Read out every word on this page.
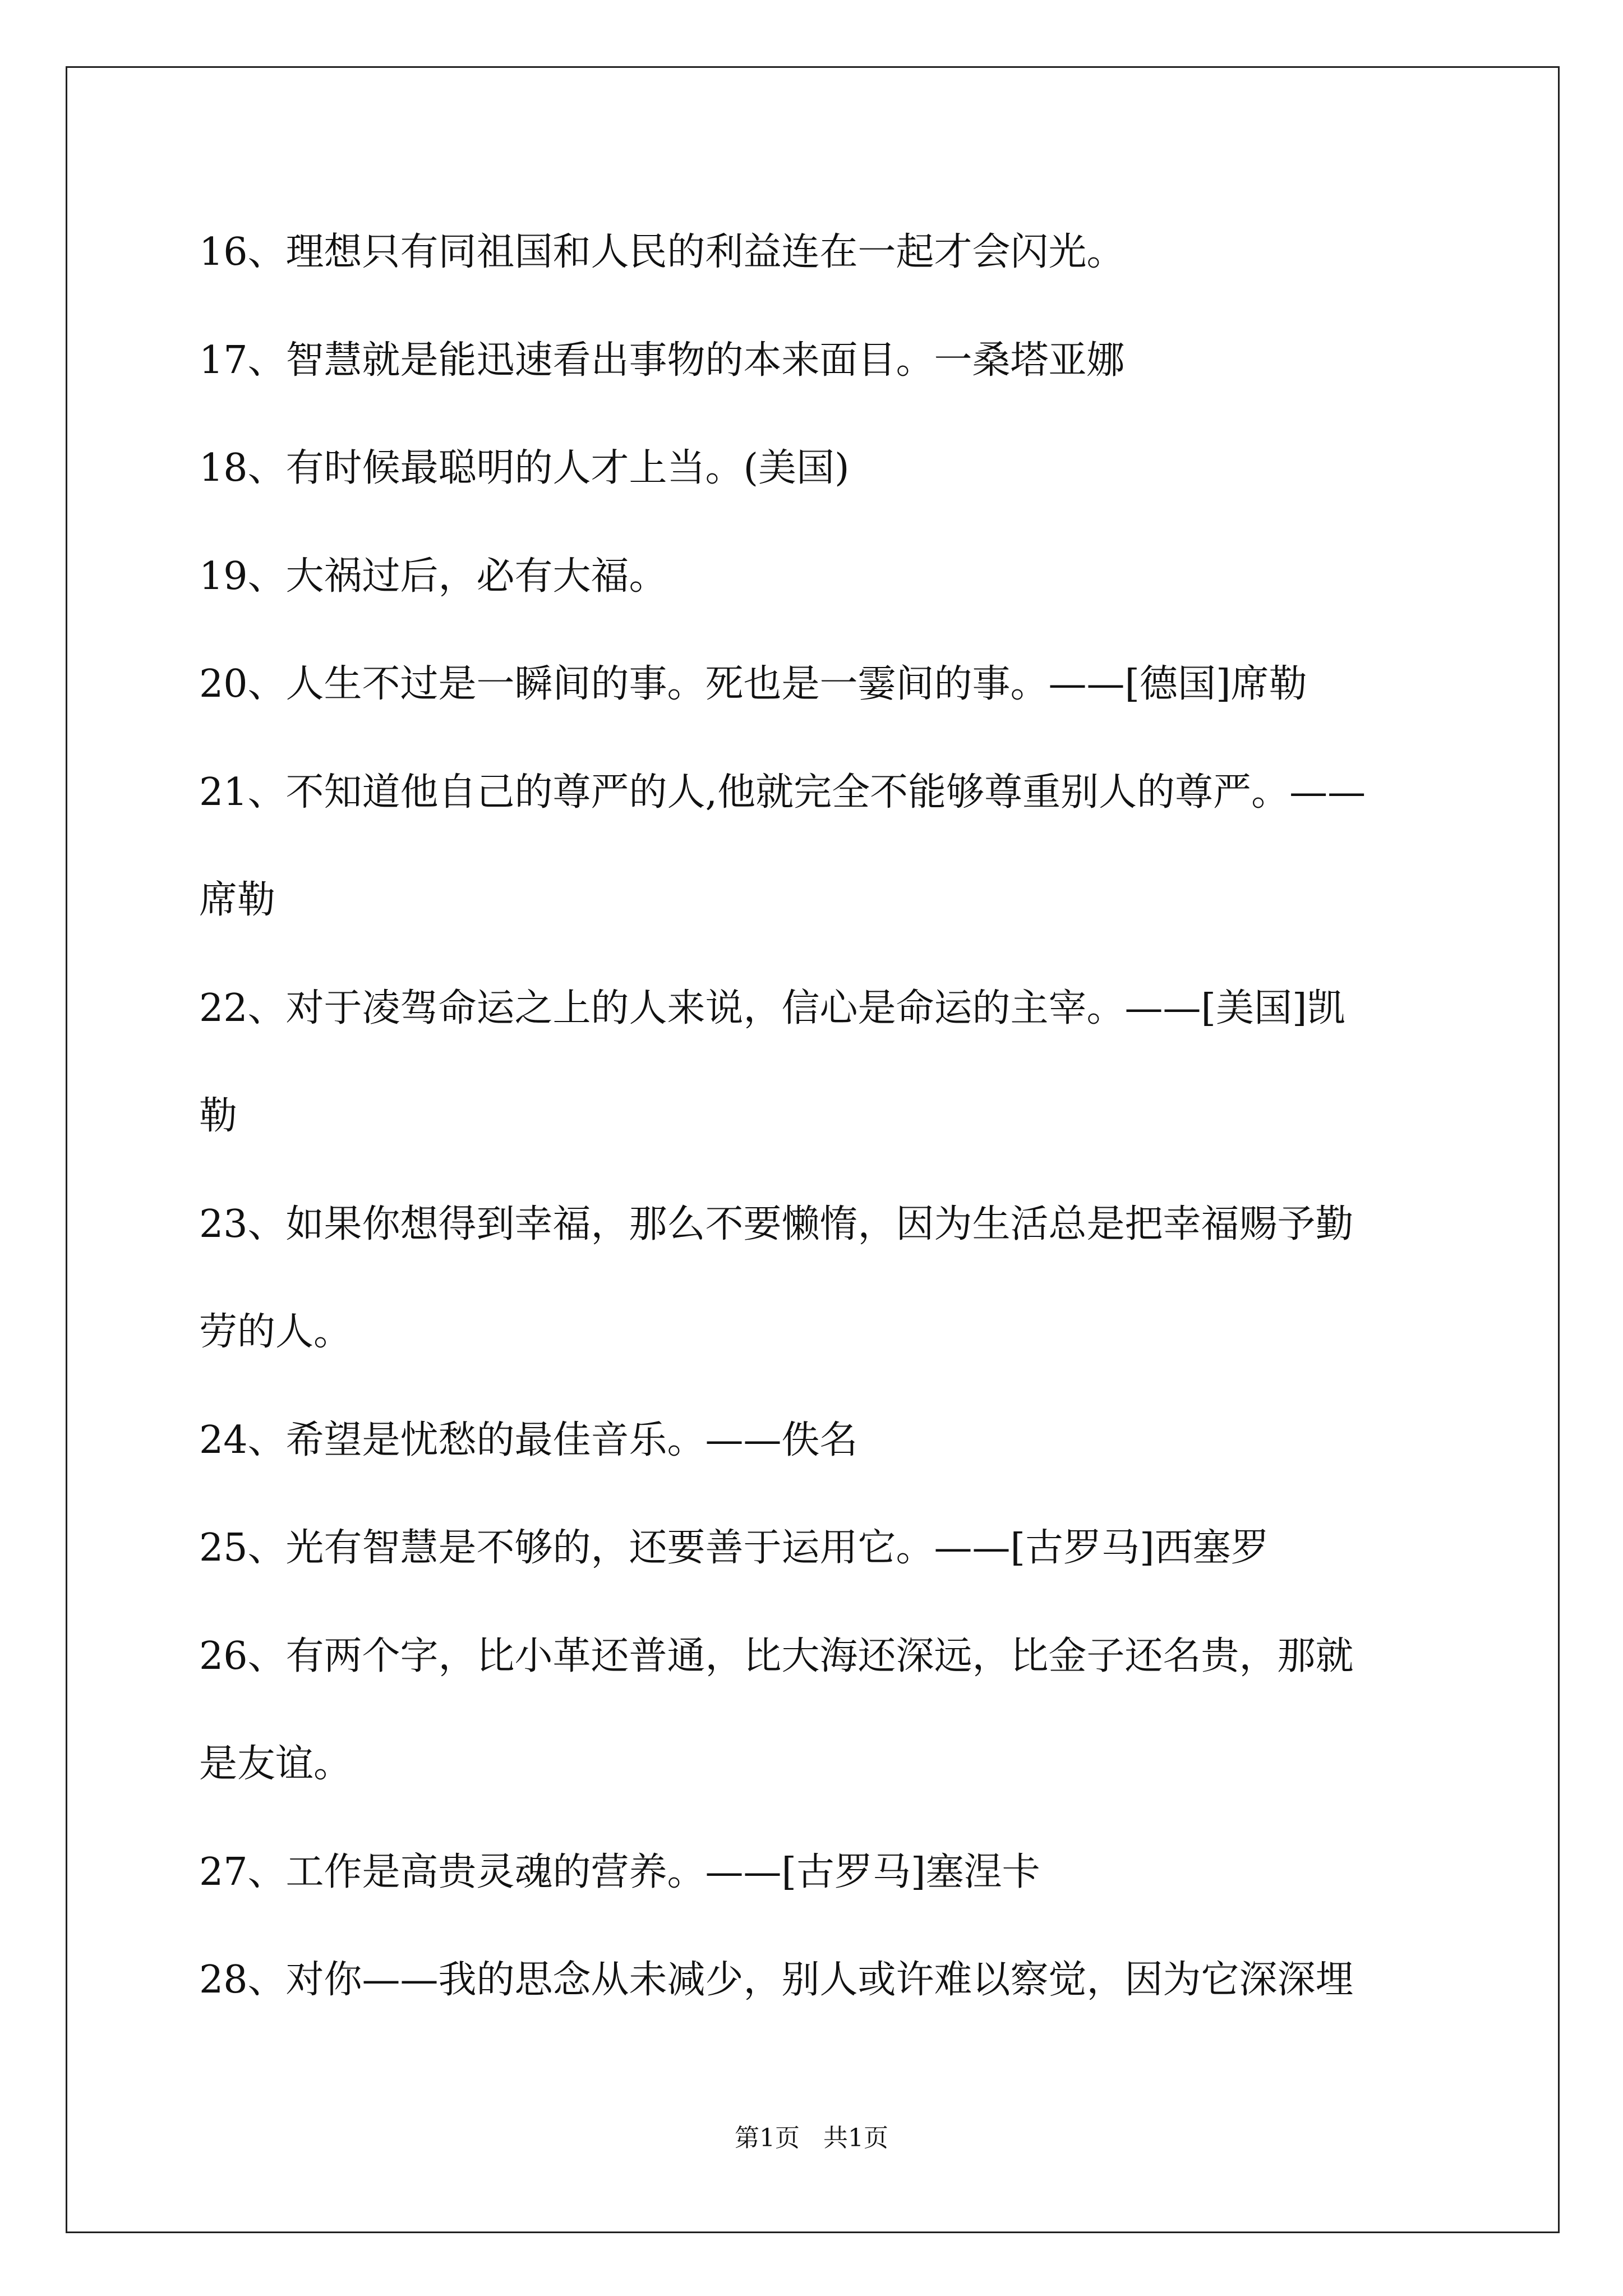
16、理想只有同祖国和人民的利益连在一起才会闪光。

17、智慧就是能迅速看出事物的本来面目。一桑塔亚娜

18、有时候最聪明的人才上当。(美国)

19、大祸过后，必有大福。

20、人生不过是一瞬间的事。死也是一霎间的事。——[德国]席勒

21、不知道他自己的尊严的人,他就完全不能够尊重别人的尊严。——

席勒

22、对于凌驾命运之上的人来说，信心是命运的主宰。——[美国]凯

勒

23、如果你想得到幸福，那么不要懒惰，因为生活总是把幸福赐予勤

劳的人。

24、希望是忧愁的最佳音乐。——佚名

25、光有智慧是不够的，还要善于运用它。——[古罗马]西塞罗

26、有两个字，比小革还普通，比大海还深远，比金子还名贵，那就

是友谊。

27、工作是高贵灵魂的营养。——[古罗马]塞涅卡

28、对你——我的思念从未减少，别人或许难以察觉，因为它深深埋

第1页 共1页
